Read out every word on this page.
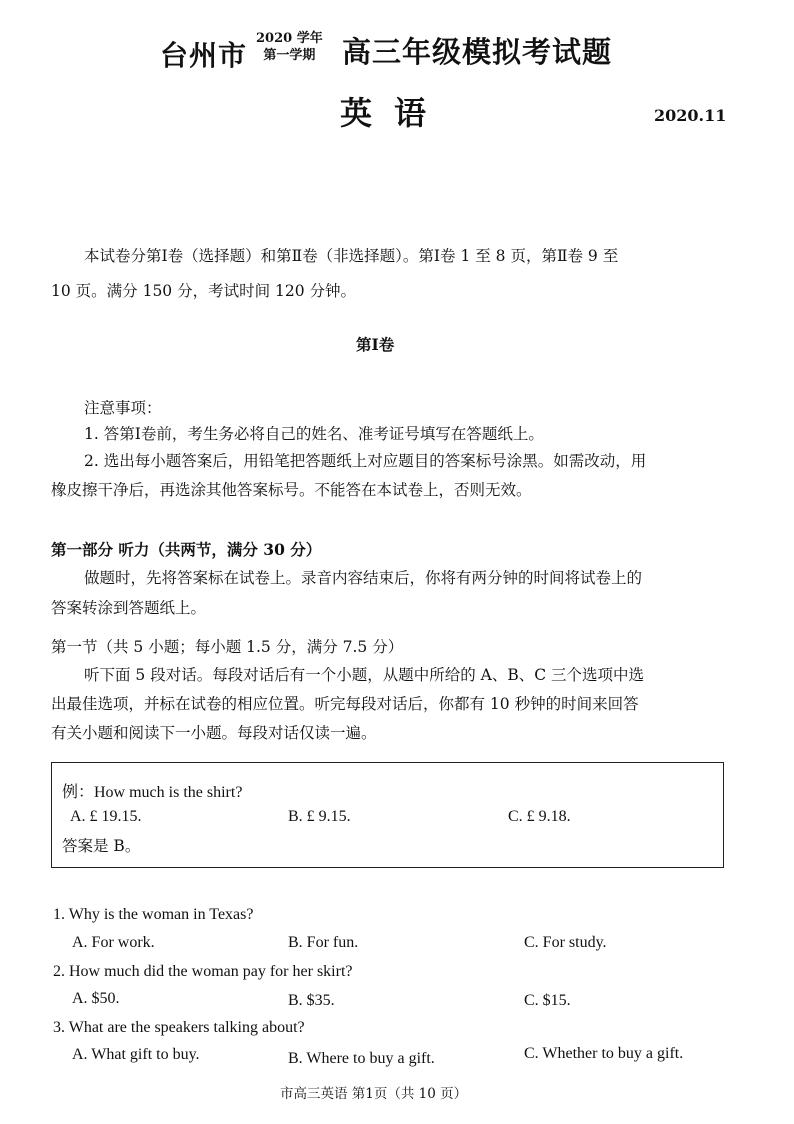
台州市
2020 学年
第一学期 高三年级模拟考试题
英语	2020.11
本试卷分第Ⅰ卷（选择题）和第Ⅱ卷（非选择题）。第Ⅰ卷 1 至 8 页，第Ⅱ卷 9 至
10 页。满分 150 分，考试时间 120 分钟。
第Ⅰ卷
注意事项：
1. 答第Ⅰ卷前，考生务必将自己的姓名、准考证号填写在答题纸上。
2. 选出每小题答案后，用铅笔把答题纸上对应题目的答案标号涂黑。如需改动，用
橡皮擦干净后，再选涂其他答案标号。不能答在本试卷上，否则无效。
第一部分 听力（共两节，满分 30 分）
做题时，先将答案标在试卷上。录音内容结束后，你将有两分钟的时间将试卷上的
答案转涂到答题纸上。
第一节（共 5 小题；每小题 1.5 分，满分 7.5 分）
听下面 5 段对话。每段对话后有一个小题，从题中所给的 A、B、C 三个选项中选
出最佳选项，并标在试卷的相应位置。听完每段对话后，你都有 10 秒钟的时间来回答
有关小题和阅读下一小题。每段对话仅读一遍。
例：How much is the shirt?
A. £ 19.15.	B. £ 9.15.	C. £ 9.18.
答案是 B。
1. Why is the woman in Texas?
A. For work.	B. For fun.	C. For study.
2. How much did the woman pay for her skirt?
A. $50.	B. $35.	C. $15.
3. What are the speakers talking about?
A. What gift to buy.	B. Where to buy a gift.	C. Whether to buy a gift.
市高三英语 第1页（共 10 页）
